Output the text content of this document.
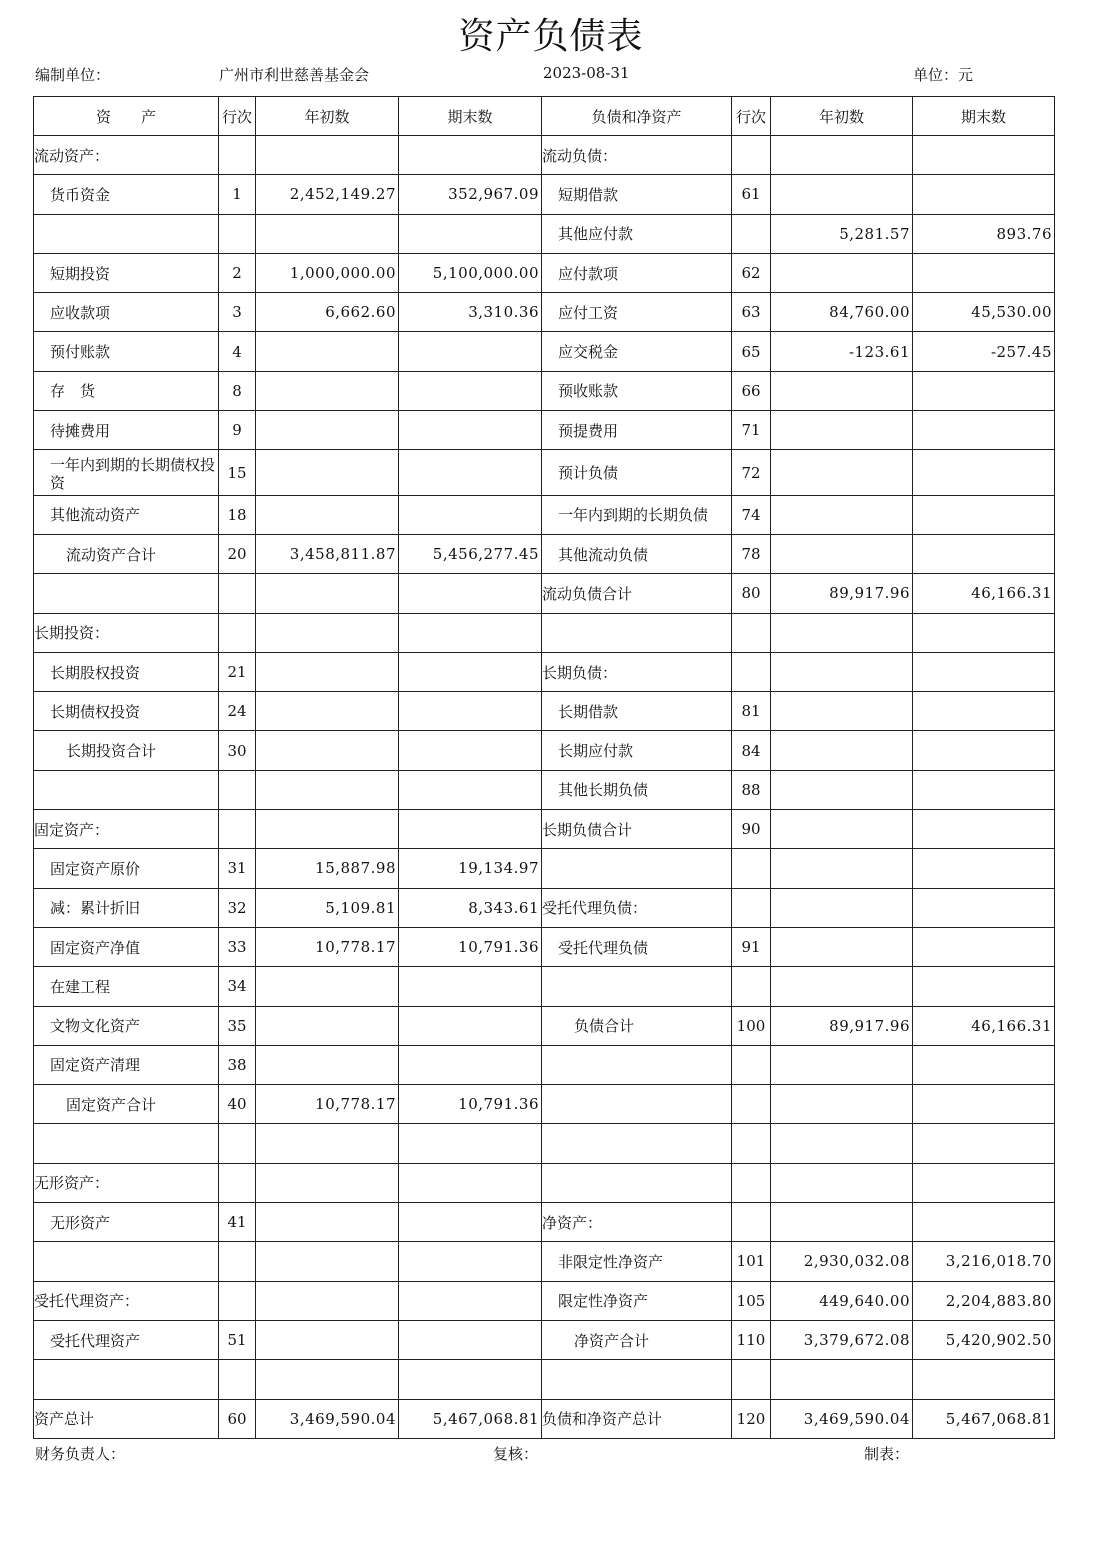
资产负债表
编制单位：	广州市利世慈善基金会	2023-08-31	单位：元
资　　产	行次	年初数	期末数	负债和净资产	行次	年初数	期末数
流动资产：				流动负债：			
货币资金	1	2,452,149.27	352,967.09	短期借款	61		
				其他应付款		5,281.57	893.76
短期投资	2	1,000,000.00	5,100,000.00	应付款项	62		
应收款项	3	6,662.60	3,310.36	应付工资	63	84,760.00	45,530.00
预付账款	4			应交税金	65	-123.61	-257.45
存　货	8			预收账款	66		
待摊费用	9			预提费用	71		
一年内到期的长期债权投资	15			预计负债	72		
其他流动资产	18			一年内到期的长期负债	74		
流动资产合计	20	3,458,811.87	5,456,277.45	其他流动负债	78		
				流动负债合计	80	89,917.96	46,166.31
长期投资：							
长期股权投资	21			长期负债：			
长期债权投资	24			长期借款	81		
长期投资合计	30			长期应付款	84		
				其他长期负债	88		
固定资产：				长期负债合计	90		
固定资产原价	31	15,887.98	19,134.97				
减：累计折旧	32	5,109.81	8,343.61	受托代理负债：			
固定资产净值	33	10,778.17	10,791.36	受托代理负债	91		
在建工程	34						
文物文化资产	35			负债合计	100	89,917.96	46,166.31
固定资产清理	38						
固定资产合计	40	10,778.17	10,791.36				

无形资产：							
无形资产	41			净资产：			
				非限定性净资产	101	2,930,032.08	3,216,018.70
受托代理资产：				限定性净资产	105	449,640.00	2,204,883.80
受托代理资产	51			净资产合计	110	3,379,672.08	5,420,902.50

资产总计	60	3,469,590.04	5,467,068.81	负债和净资产总计	120	3,469,590.04	5,467,068.81
财务负责人：	复核：	制表：
